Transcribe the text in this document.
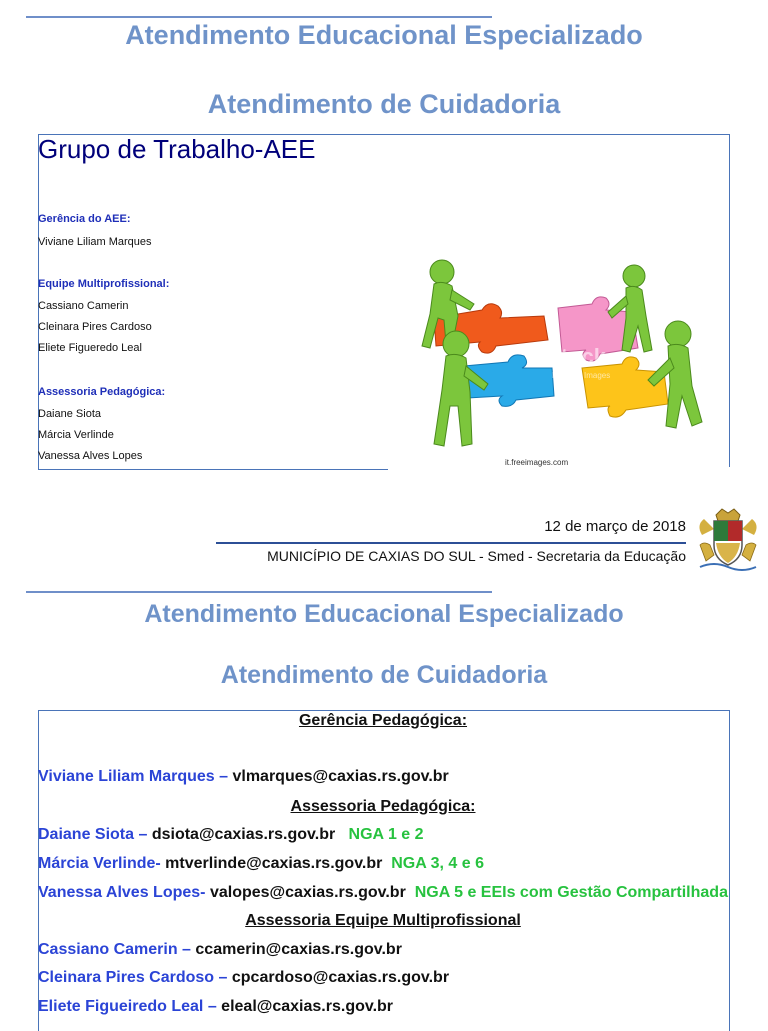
Atendimento Educacional Especializado
Atendimento de Cuidadoria
Grupo de Trabalho-AEE
Gerência do AEE:
Viviane Liliam Marques
Equipe Multiprofissional:
Cassiano Camerin
Cleinara Pires Cardoso
Eliete Figueredo Leal
Assessoria Pedagógica:
Daiane Siota
Márcia Verlinde
Vanessa Alves Lopes
iStock
by Getty Images
it.freeimages.com
12 de março de 2018
MUNICÍPIO DE CAXIAS DO SUL - Smed - Secretaria da Educação
Atendimento Educacional Especializado
Atendimento de Cuidadoria
Gerência Pedagógica:
Viviane Liliam Marques – vlmarques@caxias.rs.gov.br
Assessoria Pedagógica:
Daiane Siota – dsiota@caxias.rs.gov.br NGA 1 e 2
Márcia Verlinde- mtverlinde@caxias.rs.gov.br NGA 3, 4 e 6
Vanessa Alves Lopes- valopes@caxias.rs.gov.br NGA 5 e EEIs com Gestão Compartilhada
Assessoria Equipe Multiprofissional
Cassiano Camerin – ccamerin@caxias.rs.gov.br
Cleinara Pires Cardoso – cpcardoso@caxias.rs.gov.br
Eliete Figueiredo Leal – eleal@caxias.rs.gov.br
